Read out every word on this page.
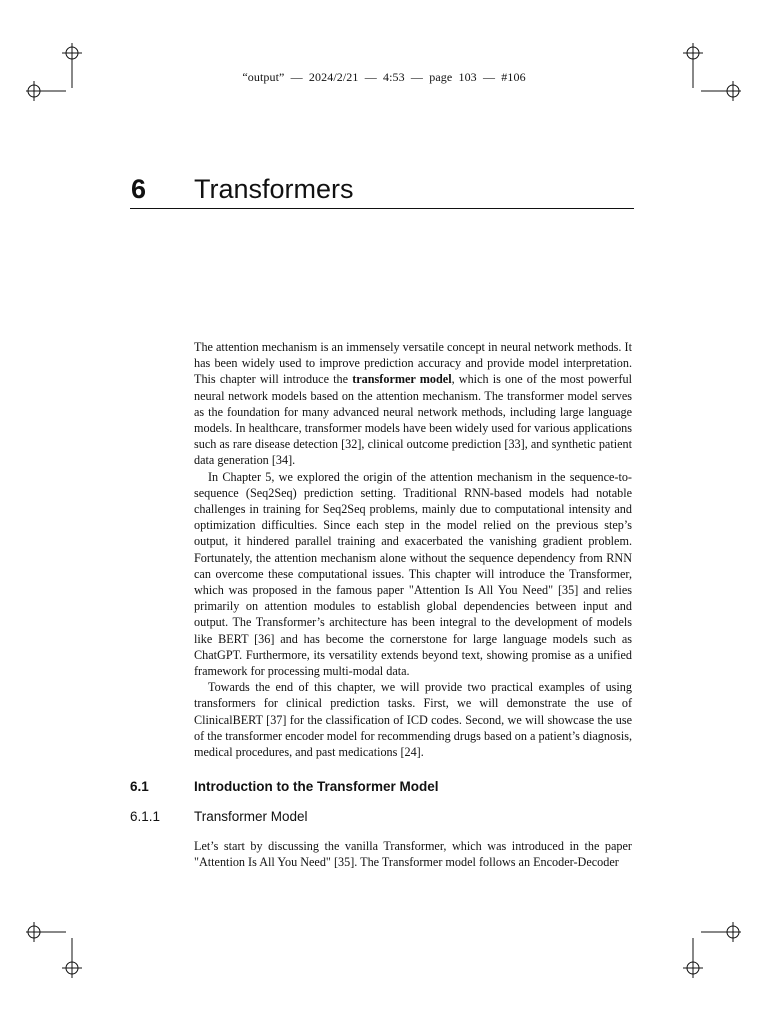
“output”  —  2024/2/21  —  4:53  —  page  103  —  #106
6 Transformers

The attention mechanism is an immensely versatile concept in neural network methods. It has been widely used to improve prediction accuracy and provide model interpretation. This chapter will introduce the transformer model, which is one of the most powerful neural network models based on the attention mechanism. The transformer model serves as the foundation for many advanced neural network methods, including large language models. In healthcare, transformer models have been widely used for various applications such as rare disease detection [32], clinical outcome prediction [33], and synthetic patient data generation [34].

In Chapter 5, we explored the origin of the attention mechanism in the sequence-to-sequence (Seq2Seq) prediction setting. Traditional RNN-based models had notable challenges in training for Seq2Seq problems, mainly due to computational intensity and optimization difficulties. Since each step in the model relied on the previous step’s output, it hindered parallel training and exacerbated the vanishing gradient problem. Fortunately, the attention mechanism alone without the sequence dependency from RNN can overcome these computational issues. This chapter will introduce the Transformer, which was proposed in the famous paper "Attention Is All You Need" [35] and relies primarily on attention modules to establish global dependencies between input and output. The Transformer’s architecture has been integral to the development of models like BERT [36] and has become the cornerstone for large language models such as ChatGPT. Furthermore, its versatility extends beyond text, showing promise as a unified framework for processing multi-modal data.

Towards the end of this chapter, we will provide two practical examples of using transformers for clinical prediction tasks. First, we will demonstrate the use of ClinicalBERT [37] for the classification of ICD codes. Second, we will showcase the use of the transformer encoder model for recommending drugs based on a patient’s diagnosis, medical procedures, and past medications [24].

6.1	Introduction to the Transformer Model
6.1.1	Transformer Model

Let’s start by discussing the vanilla Transformer, which was introduced in the paper "Attention Is All You Need" [35]. The Transformer model follows an Encoder-Decoder
